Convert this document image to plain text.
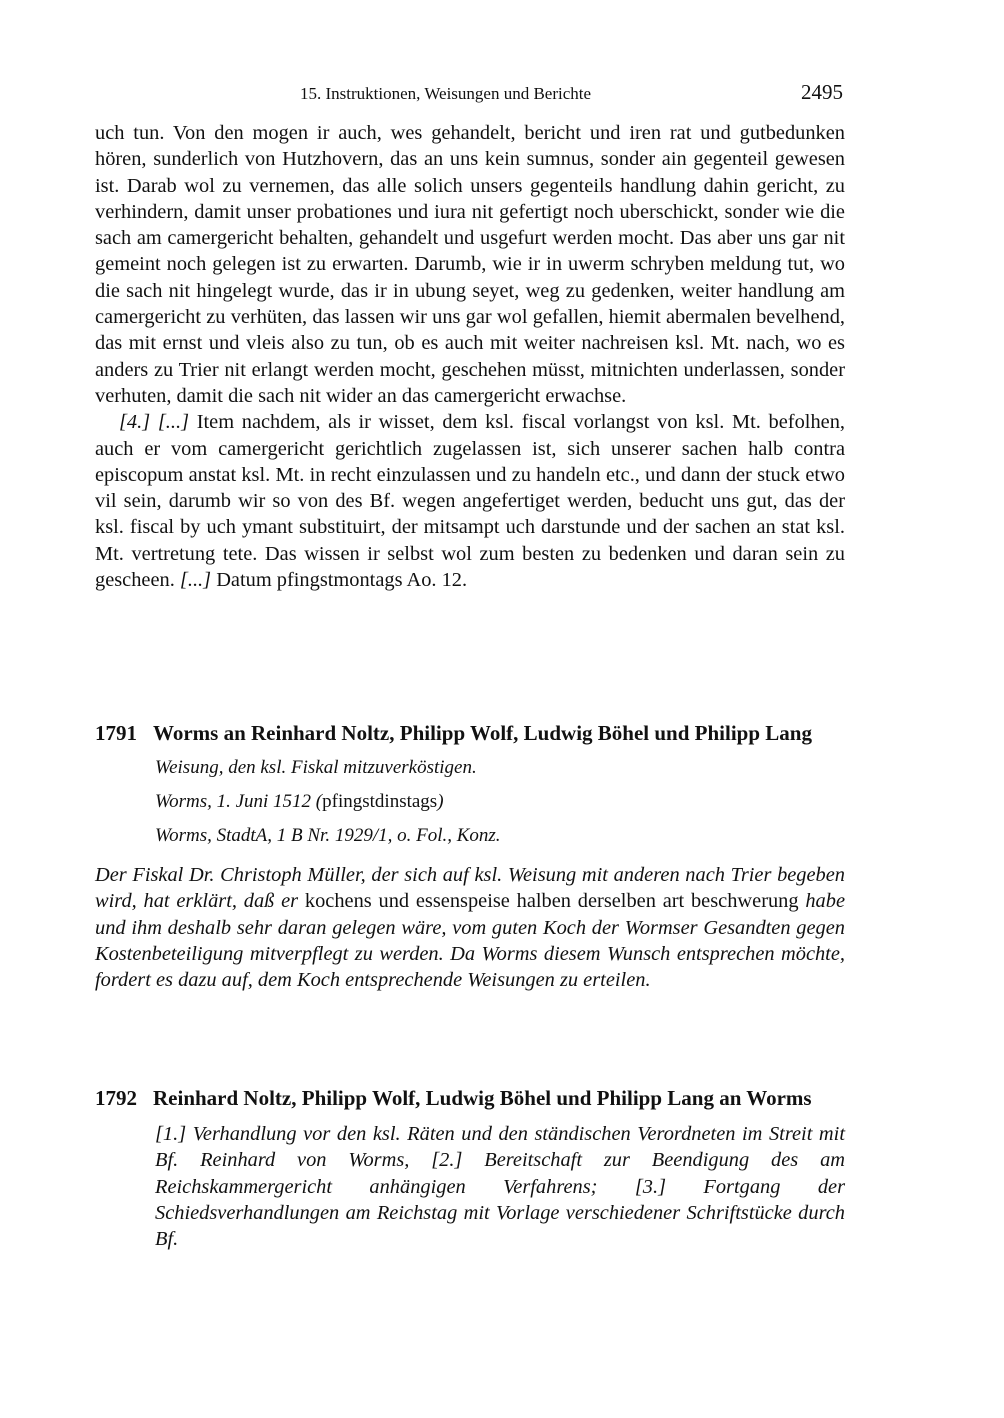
15. Instruktionen, Weisungen und Berichte	2495

uch tun. Von den mogen ir auch, wes gehandelt, bericht und iren rat und gutbedunken hören, sunderlich von Hutzhovern, das an uns kein sumnus, sonder ain gegenteil gewesen ist. Darab wol zu vernemen, das alle solich unsers gegenteils handlung dahin gericht, zu verhindern, damit unser probationes und iura nit gefertigt noch uberschickt, sonder wie die sach am camergericht behalten, gehandelt und usgefurt werden mocht. Das aber uns gar nit gemeint noch gelegen ist zu erwarten. Darumb, wie ir in uwerm schryben meldung tut, wo die sach nit hingelegt wurde, das ir in ubung seyet, weg zu gedenken, weiter handlung am camergericht zu verhüten, das lassen wir uns gar wol gefallen, hiemit abermalen bevelhend, das mit ernst und vleis also zu tun, ob es auch mit weiter nachreisen ksl. Mt. nach, wo es anders zu Trier nit erlangt werden mocht, geschehen müsst, mitnichten underlassen, sonder verhuten, damit die sach nit wider an das camergericht erwachse.

[4.] [...] Item nachdem, als ir wisset, dem ksl. fiscal vorlangst von ksl. Mt. befolhen, auch er vom camergericht gerichtlich zugelassen ist, sich unserer sachen halb contra episcopum anstat ksl. Mt. in recht einzulassen und zu handeln etc., und dann der stuck etwo vil sein, darumb wir so von des Bf. wegen angefertiget werden, beducht uns gut, das der ksl. fiscal by uch ymant substituirt, der mitsampt uch darstunde und der sachen an stat ksl. Mt. vertretung tete. Das wissen ir selbst wol zum besten zu bedenken und daran sein zu gescheen. [...] Datum pfingstmontags Ao. 12.

1791 Worms an Reinhard Noltz, Philipp Wolf, Ludwig Böhel und Philipp Lang
Weisung, den ksl. Fiskal mitzuverköstigen.
Worms, 1. Juni 1512 (pfingstdinstags)
Worms, StadtA, 1 B Nr. 1929/1, o. Fol., Konz.
Der Fiskal Dr. Christoph Müller, der sich auf ksl. Weisung mit anderen nach Trier begeben wird, hat erklärt, daß er kochens und essenspeise halben derselben art beschwerung habe und ihm deshalb sehr daran gelegen wäre, vom guten Koch der Wormser Gesandten gegen Kostenbeteiligung mitverpflegt zu werden. Da Worms diesem Wunsch entsprechen möchte, fordert es dazu auf, dem Koch entsprechende Weisungen zu erteilen.
1792 Reinhard Noltz, Philipp Wolf, Ludwig Böhel und Philipp Lang an Worms
[1.] Verhandlung vor den ksl. Räten und den ständischen Verordneten im Streit mit Bf. Reinhard von Worms, [2.] Bereitschaft zur Beendigung des am Reichskammergericht anhängigen Verfahrens; [3.] Fortgang der Schiedsverhandlungen am Reichstag mit Vorlage verschiedener Schriftstücke durch Bf.
